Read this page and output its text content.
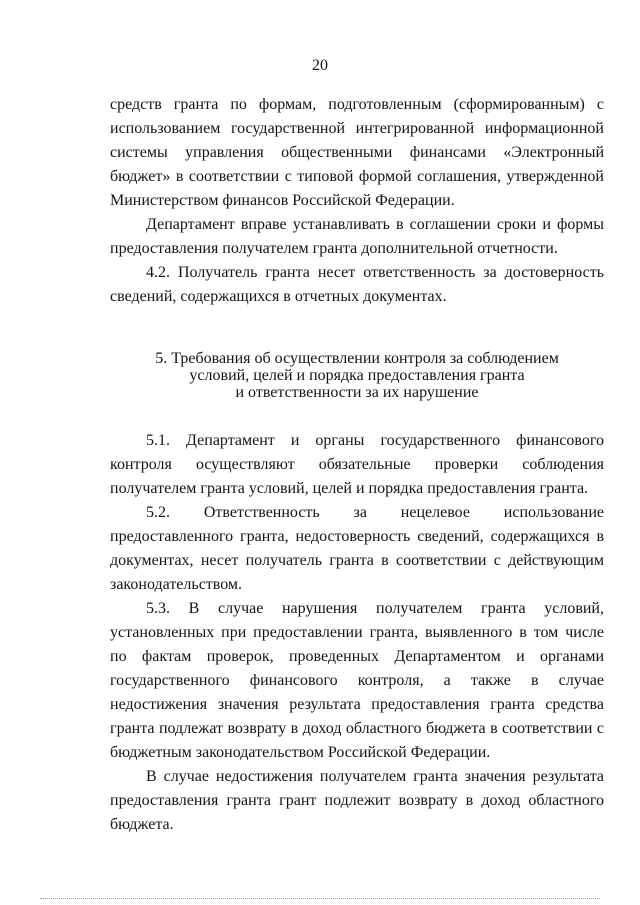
20

средств гранта по формам, подготовленным (сформированным) с использованием государственной интегрированной информационной системы управления общественными финансами «Электронный бюджет» в соответствии с типовой формой соглашения, утвержденной Министерством финансов Российской Федерации.

Департамент вправе устанавливать в соглашении сроки и формы предоставления получателем гранта дополнительной отчетности.

4.2. Получатель гранта несет ответственность за достоверность сведений, содержащихся в отчетных документах.

5. Требования об осуществлении контроля за соблюдением
условий, целей и порядка предоставления гранта
и ответственности за их нарушение

5.1. Департамент и органы государственного финансового контроля осуществляют обязательные проверки соблюдения получателем гранта условий, целей и порядка предоставления гранта.

5.2. Ответственность за нецелевое использование предоставленного гранта, недостоверность сведений, содержащихся в документах, несет получатель гранта в соответствии с действующим законодательством.

5.3. В случае нарушения получателем гранта условий, установленных при предоставлении гранта, выявленного в том числе по фактам проверок, проведенных Департаментом и органами государственного финансового контроля, а также в случае недостижения значения результата предоставления гранта средства гранта подлежат возврату в доход областного бюджета в соответствии с бюджетным законодательством Российской Федерации.

В случае недостижения получателем гранта значения результата предоставления гранта грант подлежит возврату в доход областного бюджета.
